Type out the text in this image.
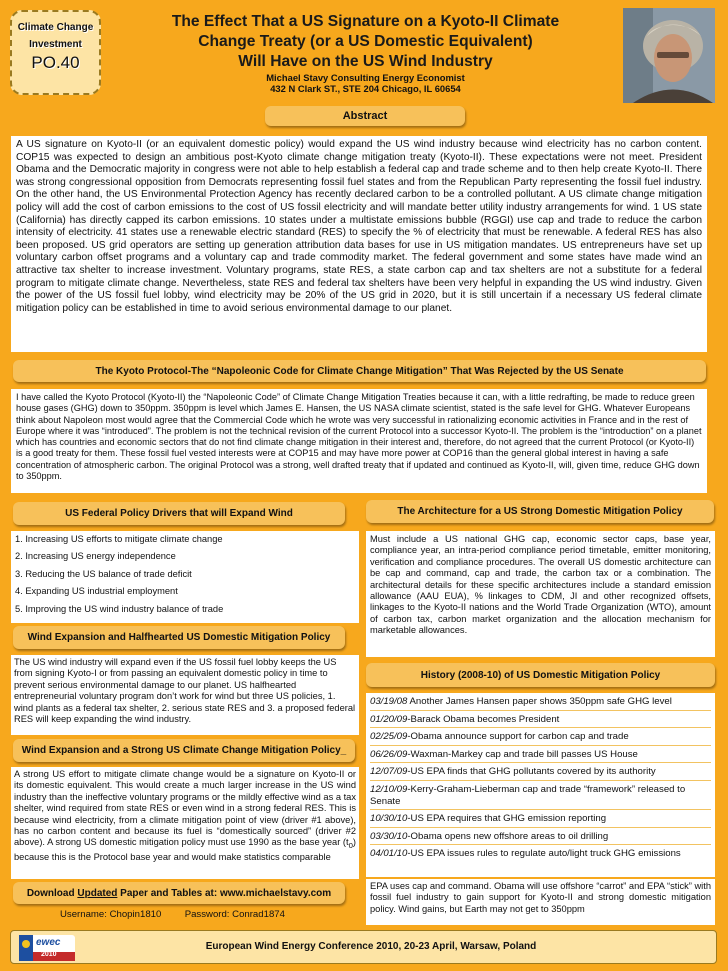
Climate Change
Investment
PO.40
The Effect That a US Signature on a Kyoto-II Climate
Change Treaty (or a US Domestic Equivalent)
Will Have on the US Wind Industry
Michael Stavy Consulting Energy Economist
432 N Clark ST., STE 204 Chicago, IL 60654
Abstract
A US signature on Kyoto-II (or an equivalent domestic policy) would expand the US wind industry because wind electricity has no carbon content. COP15 was expected to design an ambitious post-Kyoto climate change mitigation treaty (Kyoto-II). These expectations were not meet. President Obama and the Democratic majority in congress were not able to help establish a federal cap and trade scheme and to then help create Kyoto-II. There was strong congressional opposition from Democrats representing fossil fuel states and from the Republican Party representing the fossil fuel industry. On the other hand, the US Environmental Protection Agency has recently declared carbon to be a controlled pollutant. A US climate change mitigation policy will add the cost of carbon emissions to the cost of US fossil electricity and will mandate better utility industry arrangements for wind. 1 US state (California) has directly capped its carbon emissions. 10 states under a multistate emissions bubble (RGGI) use cap and trade to reduce the carbon intensity of electricity. 41 states use a renewable electric standard (RES) to specify the % of electricity that must be renewable. A federal RES has also been proposed. US grid operators are setting up generation attribution data bases for use in US mitigation mandates. US entrepreneurs have set up voluntary carbon offset programs and a voluntary cap and trade commodity market. The federal government and some states have made wind an attractive tax shelter to increase investment. Voluntary programs, state RES, a state carbon cap and tax shelters are not a substitute for a federal program to mitigate climate change. Nevertheless, state RES and federal tax shelters have been very helpful in expanding the US wind industry. Given the power of the US fossil fuel lobby, wind electricity may be 20% of the US grid in 2020, but it is still uncertain if a necessary US federal climate mitigation policy can be established in time to avoid serious environmental damage to our planet.
The Kyoto Protocol-The “Napoleonic Code for Climate Change Mitigation” That Was Rejected by the US Senate
I have called the Kyoto Protocol (Kyoto-II) the “Napoleonic Code” of Climate Change Mitigation Treaties because it can, with a little redrafting, be made to reduce green house gases (GHG) down to 350ppm. 350ppm is level which James E. Hansen, the US NASA climate scientist, stated is the safe level for GHG. Whatever Europeans think about Napoleon most would agree that the Commercial Code which he wrote was very successful in rationalizing economic activities in France and in the rest of Europe where it was “introduced”. The problem is not the technical revision of the current Protocol into a successor Kyoto-II. The problem is the “introduction” on a planet which has countries and economic sectors that do not find climate change mitigation in their interest and, therefore, do not agreed that the current Protocol (or Kyoto-II) is a good treaty for them. These fossil fuel vested interests were at COP15 and may have more power at COP16 than the general global interest in having a safe concentration of atmospheric carbon. The original Protocol was a strong, well drafted treaty that if updated and continued as Kyoto-II, will, given time, reduce GHG down to 350ppm.
US Federal Policy Drivers that will Expand Wind
1. Increasing US efforts to mitigate climate change
2. Increasing US energy independence
3. Reducing the US balance of trade deficit
4. Expanding US industrial employment
5. Improving the US wind industry balance of trade
Wind Expansion and Halfhearted US Domestic Mitigation Policy
The US wind industry will expand even if the US fossil fuel lobby keeps the US from signing Kyoto-I or from passing an equivalent domestic policy in time to prevent serious environmental damage to our planet. US halfhearted entrepreneurial voluntary program don’t work for wind but three US policies, 1. wind plants as a federal tax shelter, 2. serious state RES and 3. a proposed federal RES will keep expanding the wind industry.
Wind Expansion and a Strong US Climate Change Mitigation Policy_
A strong US effort to mitigate climate change would be a signature on Kyoto-II or its domestic equivalent. This would create a much larger increase in the US wind industry than the ineffective voluntary programs or the mildly effective wind as a tax shelter, wind required from state RES or even wind in a strong federal RES. This is because wind electricity, from a climate mitigation point of view (driver #1 above), has no carbon content and because its fuel is “domestically sourced” (driver #2 above). A strong US domestic mitigation policy must use 1990 as the base year $(t_0)$ because this is the Protocol base year and would make statistics comparable
Download
Updated
Paper and Tables at: www.michaelstavy.com
Username: Chopin1810 Password: Conrad1874
The Architecture for a US Strong Domestic Mitigation Policy
Must include a US national GHG cap, economic sector caps, base year, compliance year, an intra-period compliance period timetable, emitter monitoring, verification and compliance procedures. The overall US domestic architecture can be cap and command, cap and trade, the carbon tax or a combination. The architectural details for these specific architectures include a standard emission allowance (AAU EUA), % linkages to CDM, JI and other recognized offsets, linkages to the Kyoto-II nations and the World Trade Organization (WTO), amount of carbon tax, carbon market organization and the allocation mechanism for marketable allowances.
History (2008-10) of US Domestic Mitigation Policy
03/19/08 Another James Hansen paper shows 350ppm safe GHG level
01/20/09-Barack Obama becomes President
02/25/09-Obama announce support for carbon cap and trade
06/26/09-Waxman-Markey cap and trade bill passes US House
12/07/09-US EPA finds that GHG pollutants covered by its authority
12/10/09-Kerry-Graham-Lieberman cap and trade “framework” released to Senate
10/30/10-US EPA requires that GHG emission reporting
03/30/10-Obama opens new offshore areas to oil drilling
04/01/10-US EPA issues rules to regulate auto/light truck GHG emissions
EPA uses cap and command. Obama will use offshore “carrot” and EPA “stick” with fossil fuel industry to gain support for Kyoto-II and strong domestic mitigation policy. Wind gains, but Earth may not get to 350ppm
ewec
2010
European Wind Energy Conference 2010, 20-23 April, Warsaw, Poland
